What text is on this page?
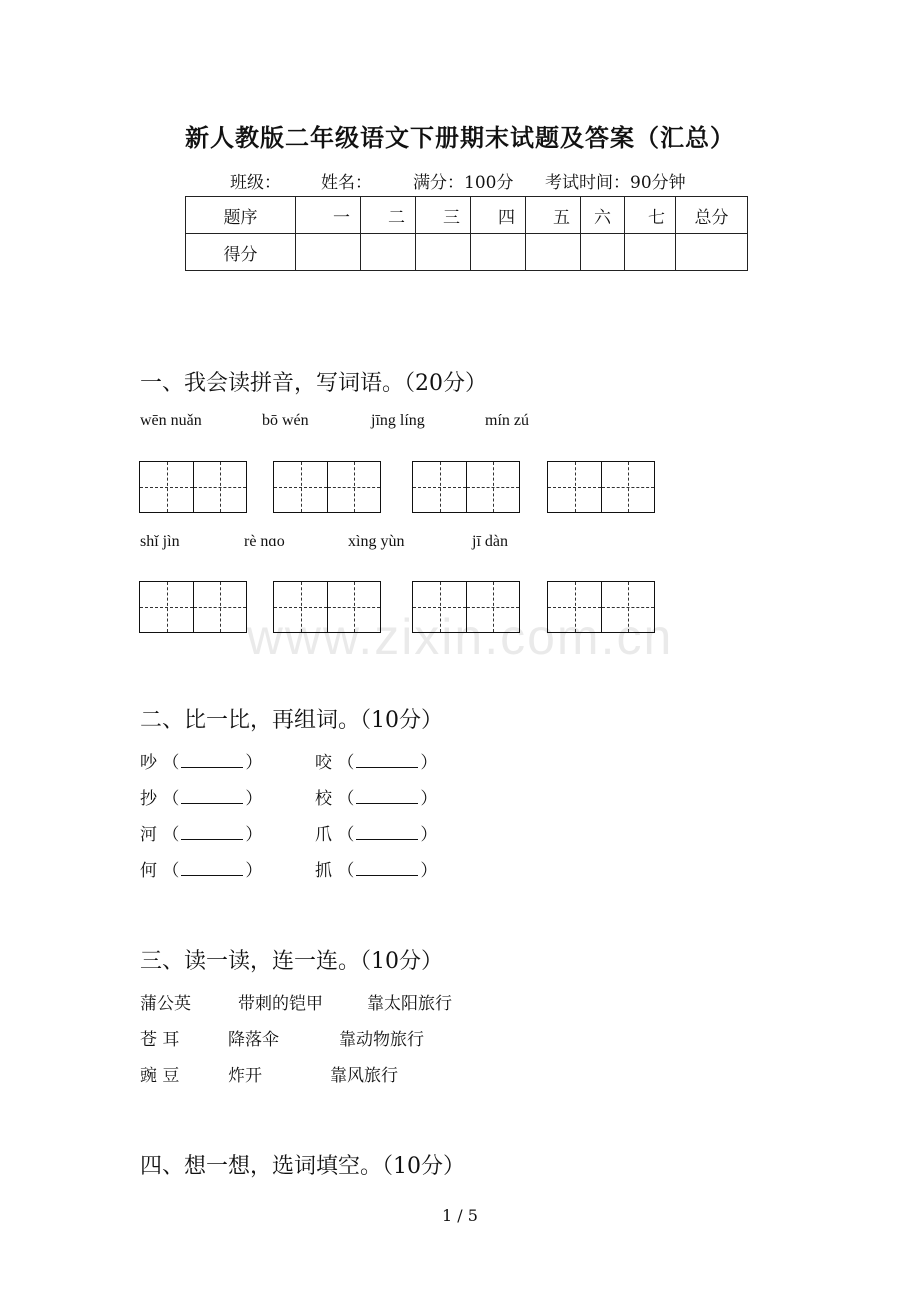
新人教版二年级语文下册期末试题及答案（汇总）
班级： 姓名： 满分：100分 考试时间：90分钟
题序	一	二	三	四	五	六	七	总分
得分								
一、我会读拼音，写词语。（20分）
wēn nuǎn	bō wén	jīng líng	mín zú
shǐ jìn	rè nɑo	xìng yùn	jī dàn
www.zixin.com.cn
二、比一比，再组词。（10分）
吵 （	）	咬 （	）
抄 （	）	校 （	）
河 （	）	爪 （	）
何 （	）	抓 （	）
三、读一读，连一连。（10分）
蒲公英	带刺的铠甲	靠太阳旅行
苍 耳	降落伞	靠动物旅行
豌 豆	炸开	靠风旅行
四、想一想，选词填空。（10分）
1 / 5
